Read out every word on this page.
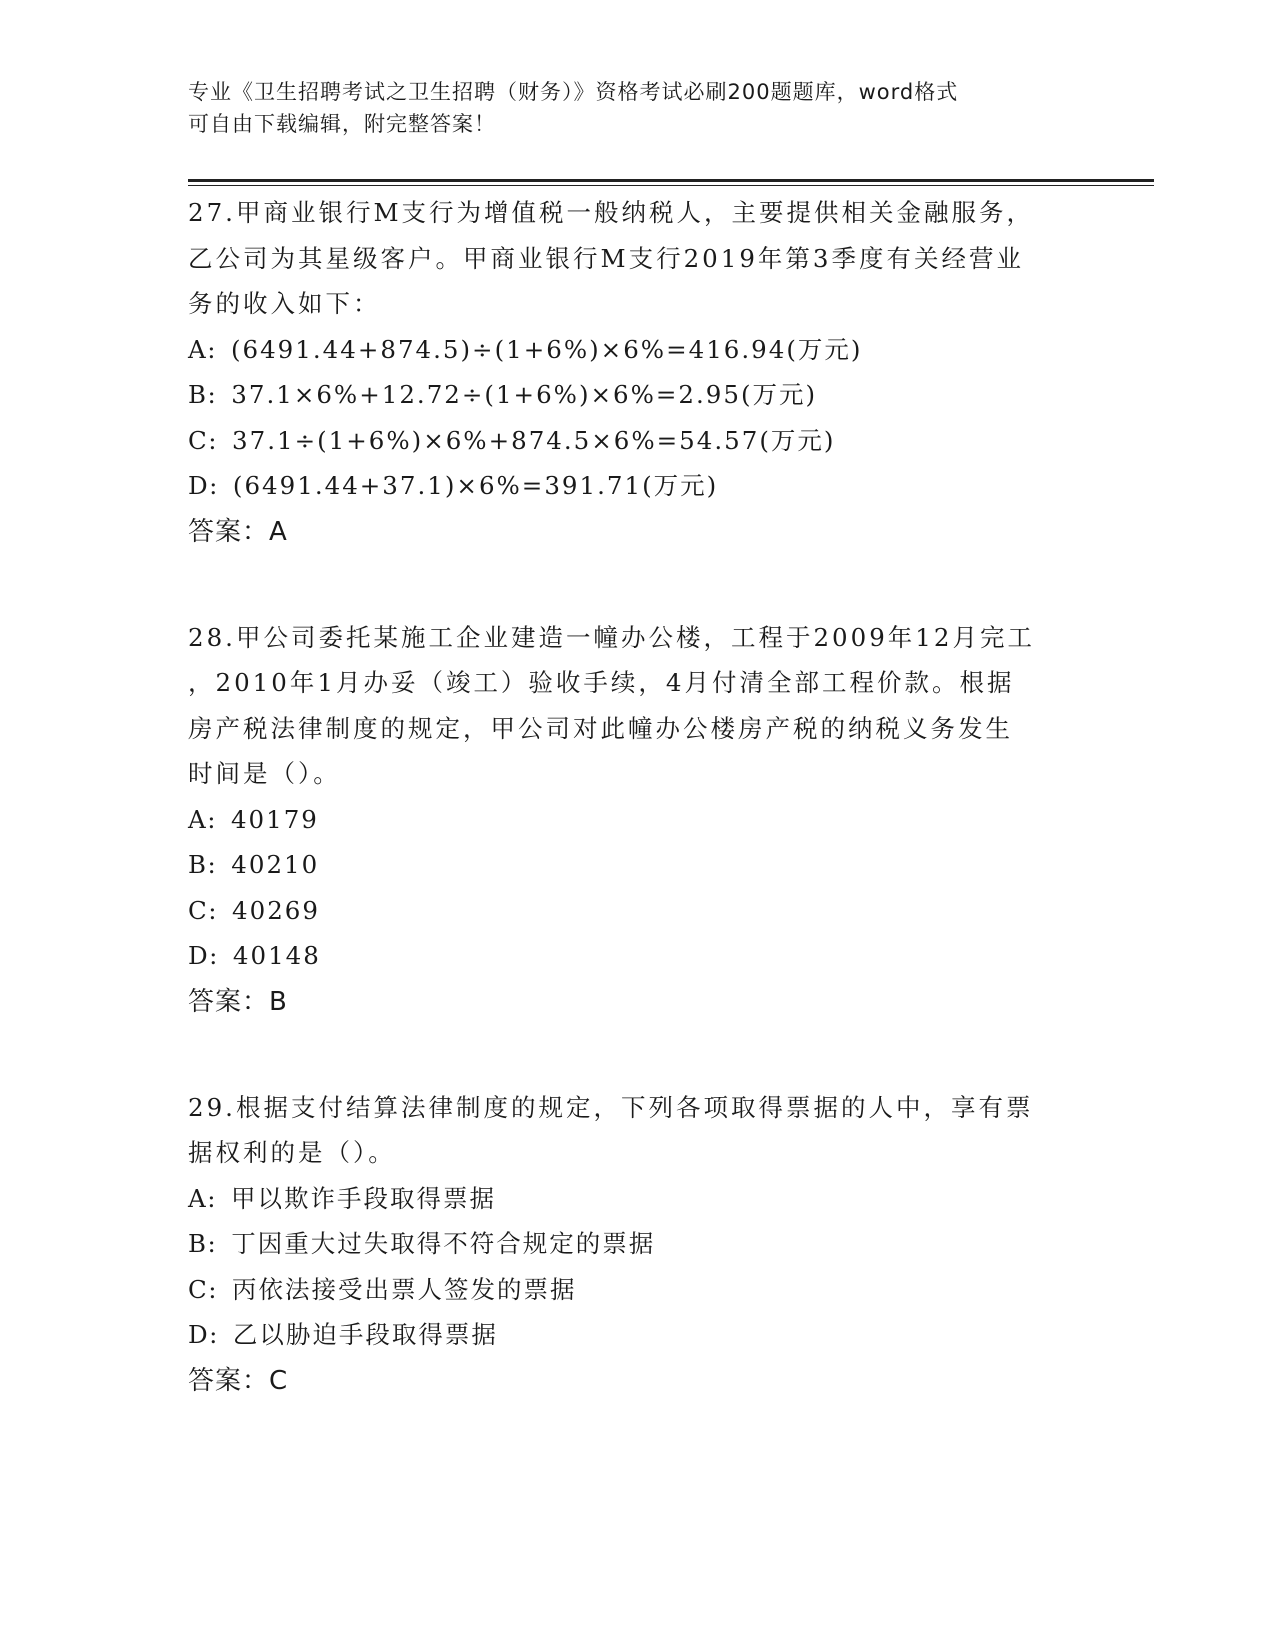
专业《卫生招聘考试之卫生招聘（财务）》资格考试必刷200题题库，word格式
可自由下载编辑，附完整答案！
27.甲商业银行M支行为增值税一般纳税人，主要提供相关金融服务，
乙公司为其星级客户。甲商业银行M支行2019年第3季度有关经营业
务的收入如下：
A: (6491.44+874.5)÷(1+6%)×6%=416.94(万元)
B: 37.1×6%+12.72÷(1+6%)×6%=2.95(万元)
C: 37.1÷(1+6%)×6%+874.5×6%=54.57(万元)
D: (6491.44+37.1)×6%=391.71(万元)
答案：A
28.甲公司委托某施工企业建造一幢办公楼，工程于2009年12月完工
，2010年1月办妥（竣工）验收手续，4月付清全部工程价款。根据
房产税法律制度的规定，甲公司对此幢办公楼房产税的纳税义务发生
时间是（）。
A: 40179
B: 40210
C: 40269
D: 40148
答案：B
29.根据支付结算法律制度的规定，下列各项取得票据的人中，享有票
据权利的是（）。
A: 甲以欺诈手段取得票据
B: 丁因重大过失取得不符合规定的票据
C: 丙依法接受出票人签发的票据
D: 乙以胁迫手段取得票据
答案：C
